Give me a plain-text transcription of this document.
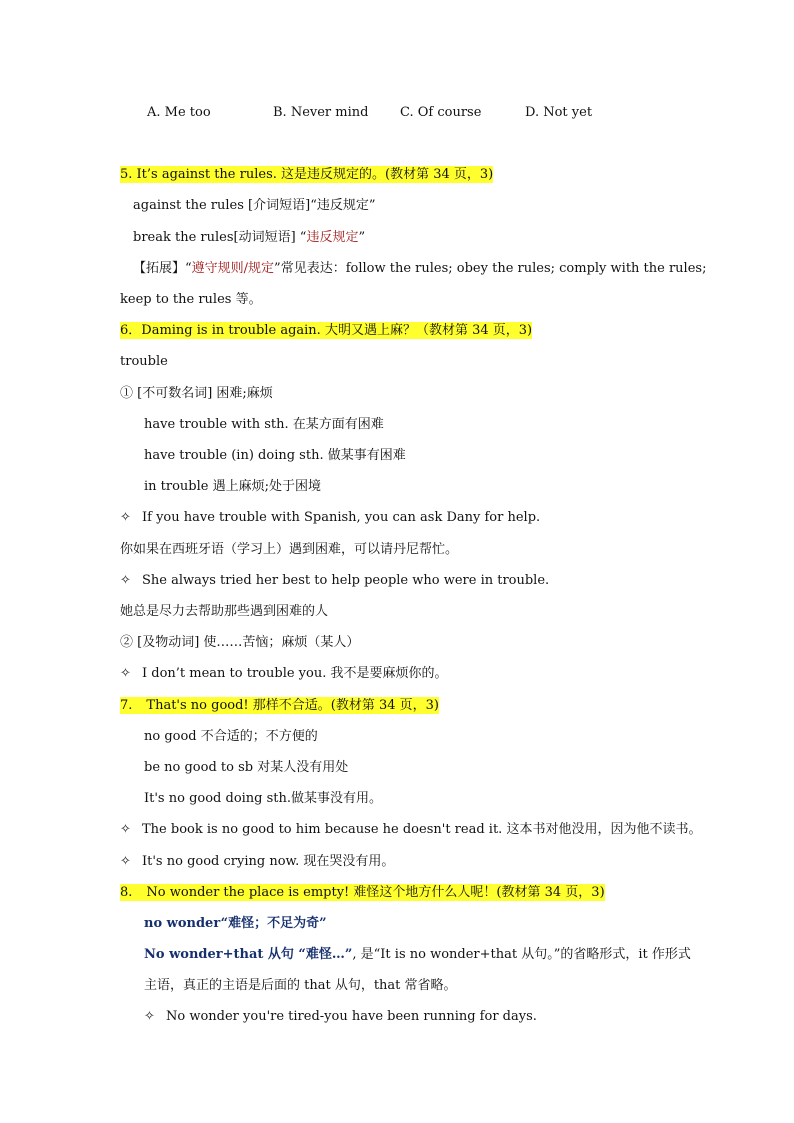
A. Me too	B. Never mind C. Of course	D. Not yet
5. It’s against the rules. 这是违反规定的。(教材第 34 页，3)
against the rules [介词短语]“违反规定”
break the rules[动词短语] “违反规定”
【拓展】“遵守规则/规定”常见表达：follow the rules; obey the rules; comply with the rules;
keep to the rules 等。
6．Daming is in trouble again. 大明又遇上麻？（教材第 34 页，3)
trouble
① [不可数名词] 困难;麻烦
have trouble with sth. 在某方面有困难
have trouble (in) doing sth. 做某事有困难
in trouble 遇上麻烦;处于困境
✧ If you have trouble with Spanish, you can ask Dany for help.
你如果在西班牙语（学习上）遇到困难，可以请丹尼帮忙。
✧ She always tried her best to help people who were in trouble.
她总是尽力去帮助那些遇到困难的人
② [及物动词] 使……苦恼；麻烦（某人）
✧ I don’t mean to trouble you. 我不是要麻烦你的。
7. That's no good! 那样不合适。(教材第 34 页，3)
no good 不合适的；不方便的
be no good to sb 对某人没有用处
It's no good doing sth.做某事没有用。
✧ The book is no good to him because he doesn't read it. 这本书对他没用，因为他不读书。
✧ It's no good crying now. 现在哭没有用。
8. No wonder the place is empty! 难怪这个地方什么人呢！(教材第 34 页，3)
no wonder“难怪；不足为奇”
No wonder+that 从句 “难怪…”, 是“It is no wonder+that 从句。”的省略形式，it 作形式
主语，真正的主语是后面的 that 从句，that 常省略。
✧ No wonder you're tired-you have been running for days.
